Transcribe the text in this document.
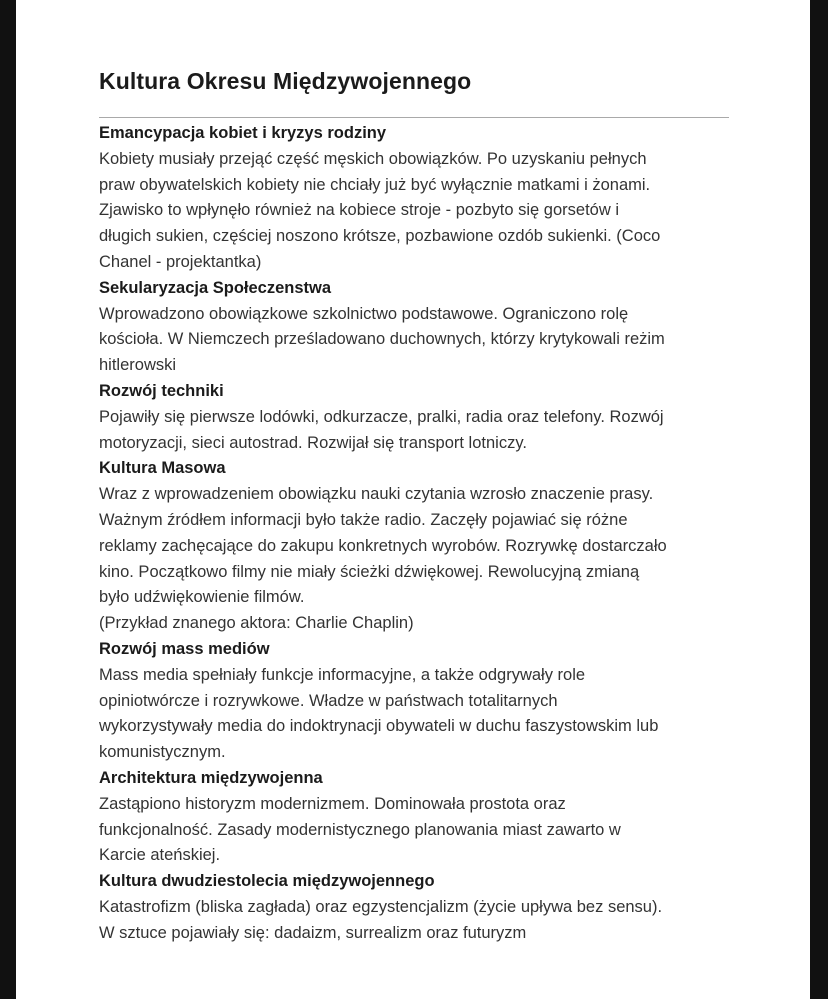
Kultura Okresu Międzywojennego
Emancypacja kobiet i kryzys rodziny

Kobiety musiały przejąć część męskich obowiązków. Po uzyskaniu pełnych
praw obywatelskich kobiety nie chciały już być wyłącznie matkami i żonami.
Zjawisko to wpłynęło również na kobiece stroje - pozbyto się gorsetów i
długich sukien, częściej noszono krótsze, pozbawione ozdób sukienki. (Coco
Chanel - projektantka)

Sekularyzacja Społeczenstwa

Wprowadzono obowiązkowe szkolnictwo podstawowe. Ograniczono rolę
kościoła. W Niemczech prześladowano duchownych, którzy krytykowali reżim
hitlerowski

Rozwój techniki

Pojawiły się pierwsze lodówki, odkurzacze, pralki, radia oraz telefony. Rozwój
motoryzacji, sieci autostrad. Rozwijał się transport lotniczy.

Kultura Masowa

Wraz z wprowadzeniem obowiązku nauki czytania wzrosło znaczenie prasy.
Ważnym źródłem informacji było także radio. Zaczęły pojawiać się różne
reklamy zachęcające do zakupu konkretnych wyrobów. Rozrywkę dostarczało
kino. Początkowo filmy nie miały ścieżki dźwiękowej. Rewolucyjną zmianą
było udźwiękowienie filmów.
(Przykład znanego aktora: Charlie Chaplin)

Rozwój mass mediów

Mass media spełniały funkcje informacyjne, a także odgrywały role
opiniotwórcze i rozrywkowe. Władze w państwach totalitarnych
wykorzystywały media do indoktrynacji obywateli w duchu faszystowskim lub
komunistycznym.

Architektura międzywojenna

Zastąpiono historyzm modernizmem. Dominowała prostota oraz
funkcjonalność. Zasady modernistycznego planowania miast zawarto w
Karcie ateńskiej.

Kultura dwudziestolecia międzywojennego

Katastrofizm (bliska zagłada) oraz egzystencjalizm (życie upływa bez sensu).
W sztuce pojawiały się: dadaizm, surrealizm oraz futuryzm
